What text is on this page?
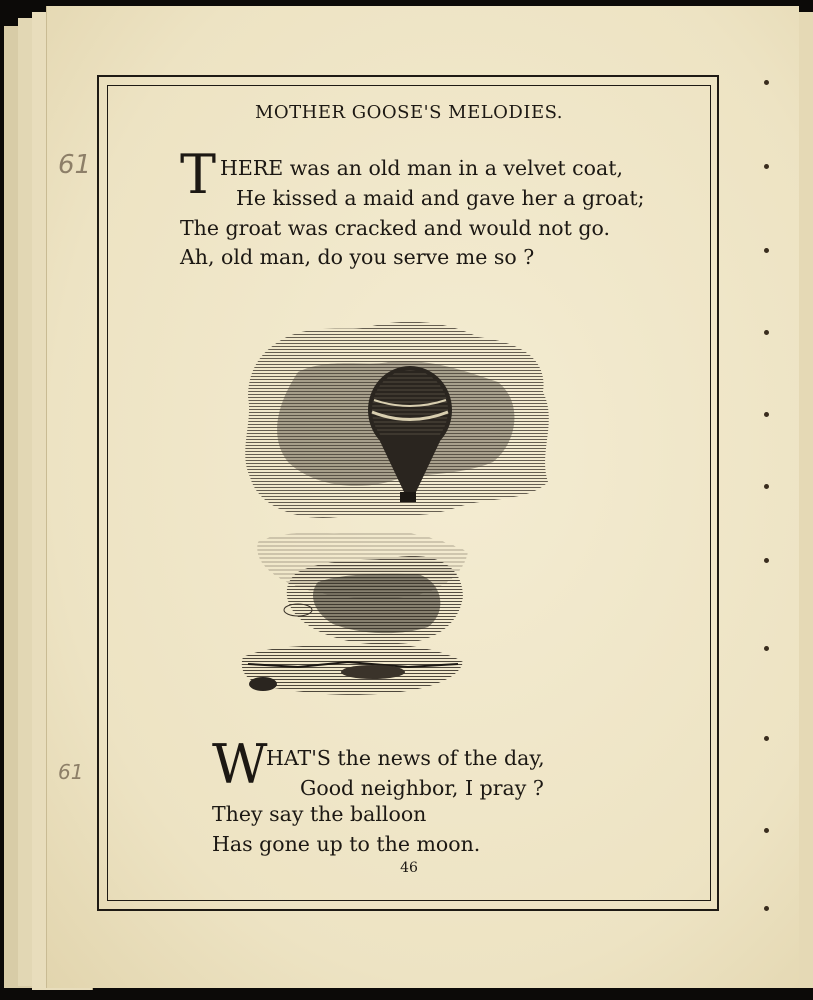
61
61
MOTHER GOOSE'S MELODIES.
T HERE was an old man in a velvet coat,
He kissed a maid and gave her a groat;
The groat was cracked and would not go.
Ah, old man, do you serve me so ?
W
HAT'S the news of the day,
Good neighbor, I pray ?
They say the balloon
Has gone up to the moon.
46
